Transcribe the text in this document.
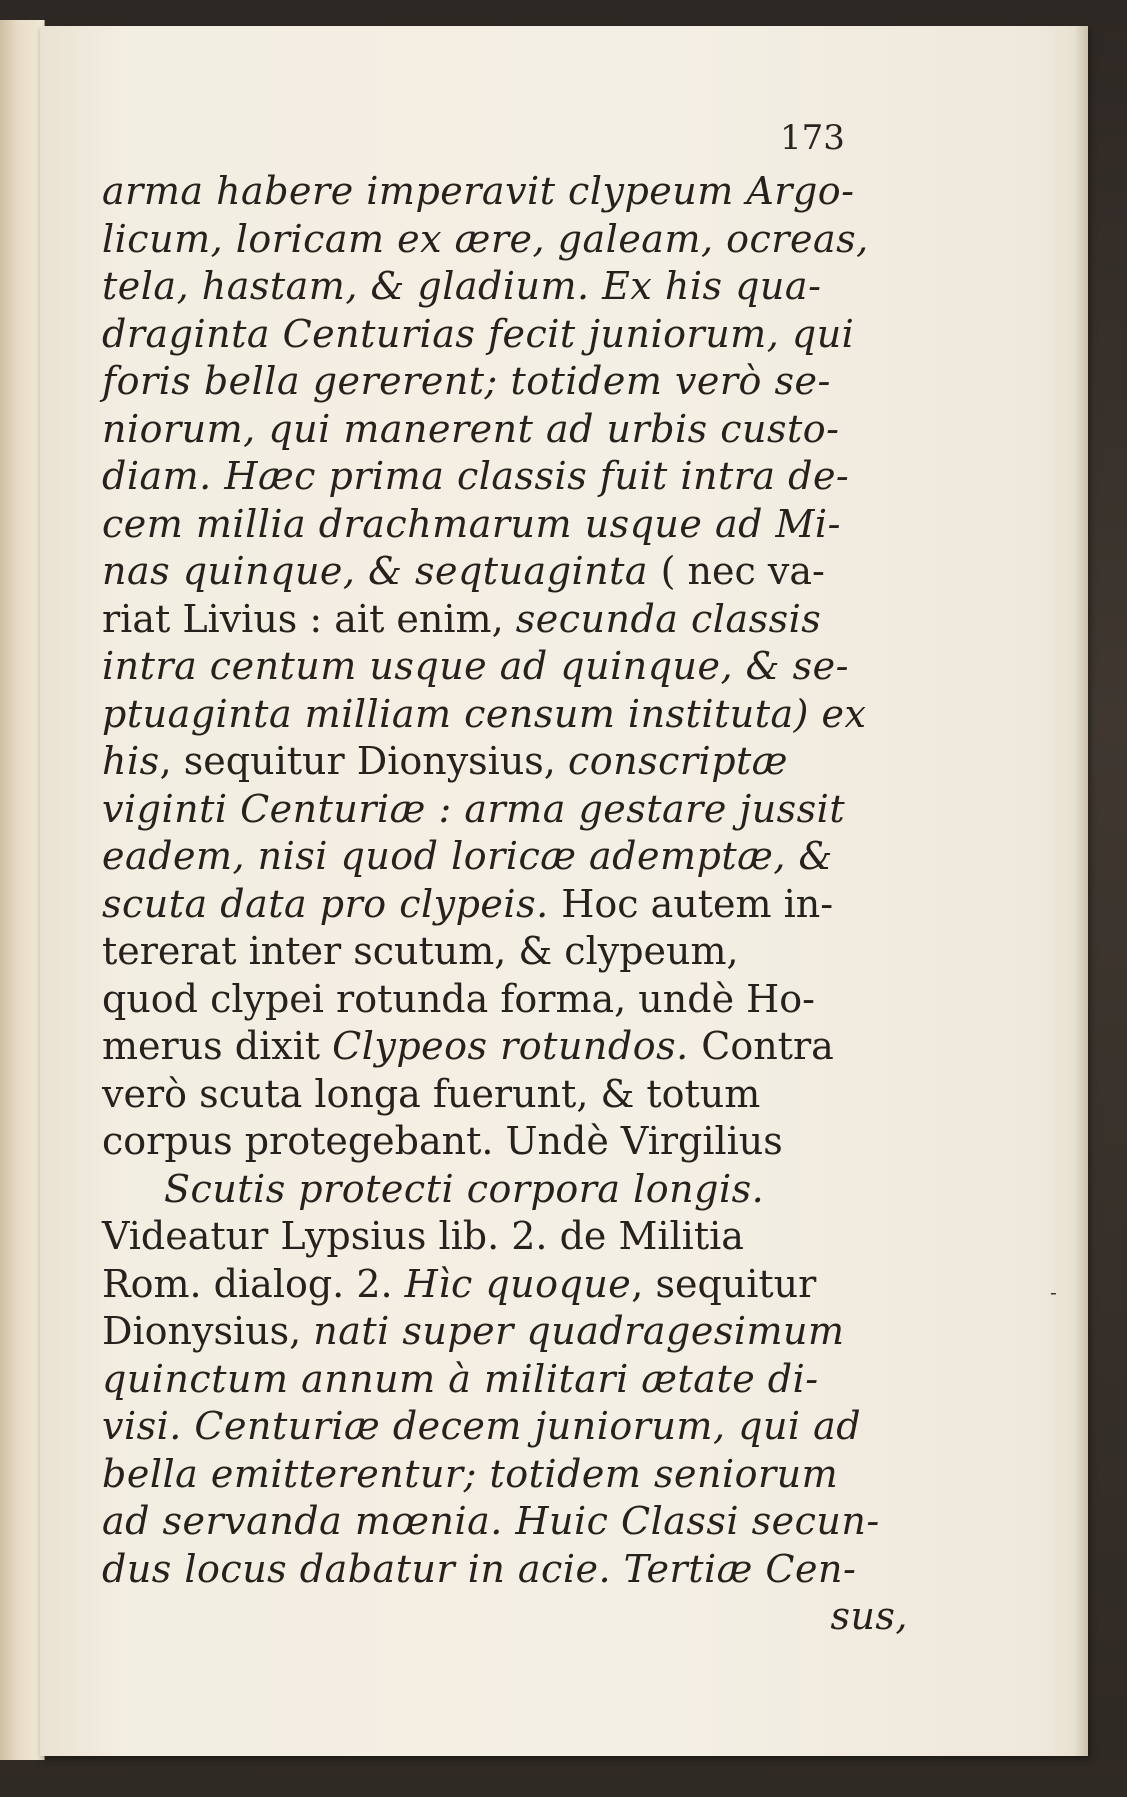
173
arma habere imperavit clypeum Argo-
licum, loricam ex ære, galeam, ocreas,
tela, hastam, & gladium. Ex his qua-
draginta Centurias fecit juniorum, qui
foris bella gererent; totidem verò se-
niorum, qui manerent ad urbis custo-
diam. Hæc prima classis fuit intra de-
cem millia drachmarum usque ad Mi-
nas quinque, & seqtuaginta ( nec va-
riat Livius : ait enim, secunda classis
intra centum usque ad quinque, & se-
ptuaginta milliam censum instituta) ex
his, sequitur Dionysius, conscriptæ
viginti Centuriæ : arma gestare jussit
eadem, nisi quod loricæ ademptæ, &
scuta data pro clypeis. Hoc autem in-
tererat inter scutum, & clypeum,
quod clypei rotunda forma, undè Ho-
merus dixit Clypeos rotundos. Contra
verò scuta longa fuerunt, & totum
corpus protegebant. Undè Virgilius
Scutis protecti corpora longis.
Videatur Lypsius lib. 2. de Militia
Rom. dialog. 2. Hìc quoque, sequitur
Dionysius, nati super quadragesimum
quinctum annum à militari ætate di-
visi. Centuriæ decem juniorum, qui ad
bella emitterentur; totidem seniorum
ad servanda mœnia. Huic Classi secun-
dus locus dabatur in acie. Tertiæ Cen-
sus,
-
